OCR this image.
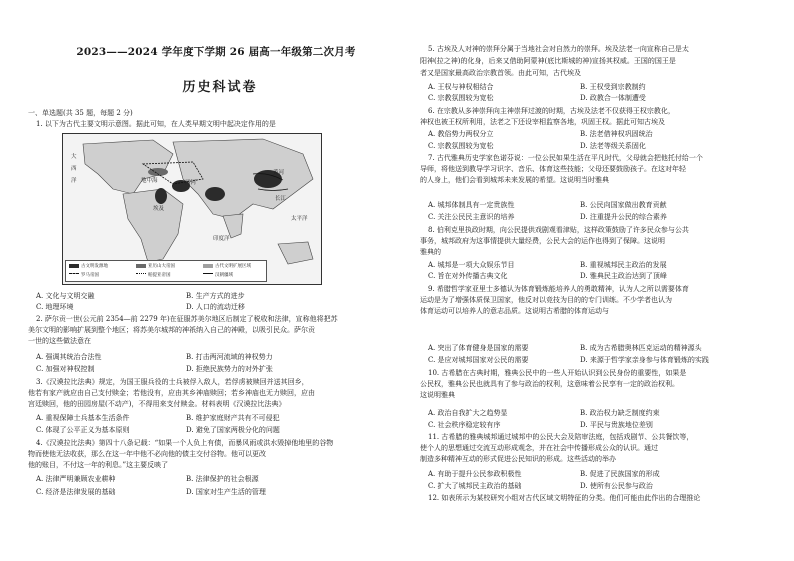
2023——2024 学年度下学期 26 届高一年级第二次月考
历史科试卷
一、单选题(共 35 题，每题 2 分)
1. 以下为古代主要文明示意图。据此可知，在人类早期文明中起决定作用的是
大
西
洋	地中海
埃及
印度洋
太平洋
黄河
长江
两河
古文明发源地	亚历山大帝国	古代文明扩展区域
罗马帝国	帕提亚帝国	汉朝疆域
A. 文化与文明交融	B. 生产方式的进步
C. 地理环境	D. 人口的流动迁移
2. 萨尔贡一世(公元前 2354—前 2279 年)在征服苏美尔地区后制定了税收和法律，宣称他将把苏
美尔文明的影响扩展到整个地区；将苏美尔城邦的神祇纳入自己的神殿，以吸引民众。萨尔贡
一世的这些做法意在
A. 强调其统治合法性	B. 打击两河流域的神权势力
C. 加强对神权控制	D. 拒绝民族势力的对外扩张
3.《汉谟拉比法典》规定，为国王服兵役的士兵被俘入敌人，若俘虏被赎回并送其回乡，
他若有家产就应由自己支付赎金；若他没有，应由其乡神庙赎回；若乡神庙也无力赎回，应由
宫廷赎回，他的田园房屋(不动产)，不得用来支付赎金。材料表明《汉谟拉比法典》
A. 重视保障士兵基本生活条件	B. 维护家庭财产共有不可侵犯
C. 体现了公平正义为基本原则	D. 避免了国家两极分化的问题
4.《汉谟拉比法典》第四十八条记载：“如果一个人负上有债，而暴风雨或洪水毁掉他地里的谷物
物而使他无法收获，那么在这一年中他不必向他的债主交付谷物。他可以更改
他的账目，不付这一年的利息。”这主要反映了
A. 法律严明兼顾农业耕种	B. 法律保护的社会根源
C. 经济是法律发展的基础	D. 国家对生产生活的管理
5. 古埃及人对神的崇拜分属于当地社会对自然力的崇拜。埃及法老一向宣称自己是太
阳神(拉之神)的化身，后来又借助阿蒙神(底比斯城的神)宣扬其权威。王国的国王是
者又是国家最高政治宗教首领。由此可知，古代埃及
A. 王权与神权相结合	B. 王权受到宗教制约
C. 宗教氛围较为宽松	D. 政教合一体制遭受
6. 在宗教从多神崇拜向主神崇拜过渡的时期，古埃及法老不仅获得王权宗教化，
神权也被王权所利用，法老之下还设宰相监察各地，巩固王权。据此可知古埃及
A. 教俗势力两权分立	B. 法老借神权巩固统治
C. 宗教氛围较为宽松	D. 法老等级关系固化
7. 古代雅典历史学家色诺芬说：一位公民如果生活在平凡时代，父母就会把他托付给一个
导师，将他送到教导学习识字、音乐、体育这些技能；父母还要鼓励孩子。在这对年轻
的人身上，他们会看到城邦未来发展的希望。这说明当时雅典
A. 城邦体制具有一定贵族性	B. 公民向国家做出教育贡献
C. 关注公民民主意识的培养	D. 注重提升公民的综合素养
8. 伯利克里执政时期，向公民提供戏剧观看津贴，这样政策鼓励了许多民众参与公共
事务，城邦政府为这事情提供大量经费，公民大会的运作也得到了保障。这说明
雅典的
A. 城邦是一项大众娱乐节目	B. 重视城邦民主政治的发展
C. 旨在对外传播古典文化	D. 雅典民主政治达到了顶峰
9. 希腊哲学家亚里士多德认为体育锻炼能培养人的勇敢精神，认为人之所以需要体育
运动是为了增强体质保卫国家，他反对以竞技为目的的专门训练。不少学者也认为
体育运动可以培养人的意志品质。这说明古希腊的体育运动与
A. 突出了体育健身是国家的需要	B. 成为古希腊奥林匹克运动的精神源头
C. 是应对城邦国家对公民的需要	D. 来源于哲学家亲身参与体育锻炼的实践
10. 古希腊在古典时期，雅典公民中的一些人开始认识到公民身份的重要性，如果是
公民权，雅典公民也就具有了参与政治的权利，这意味着公民享有一定的政治权利。
这说明雅典
A. 政治自我扩大之趋势显	B. 政治权力缺乏制度约束
C. 社会秩序稳定较有序	D. 平民与贵族地位差别
11. 古希腊的雅典城邦通过城邦中的公民大会及陪审法庭，包括戏剧节、公共餐饮等，
使个人的思想通过交流互动形成观念，并在社会中传播形成公众的认识。通过
制造多种精神互动的形式促进公民知识的形成。这些活动的举办
A. 有助于提升公民参政积极性	B. 促进了民族国家的形成
C. 扩大了城邦民主政治的基础	D. 使所有公民参与政治
12. 如表所示为某校研究小组对古代区域文明特征的分类。他们可能由此作出的合理推论
